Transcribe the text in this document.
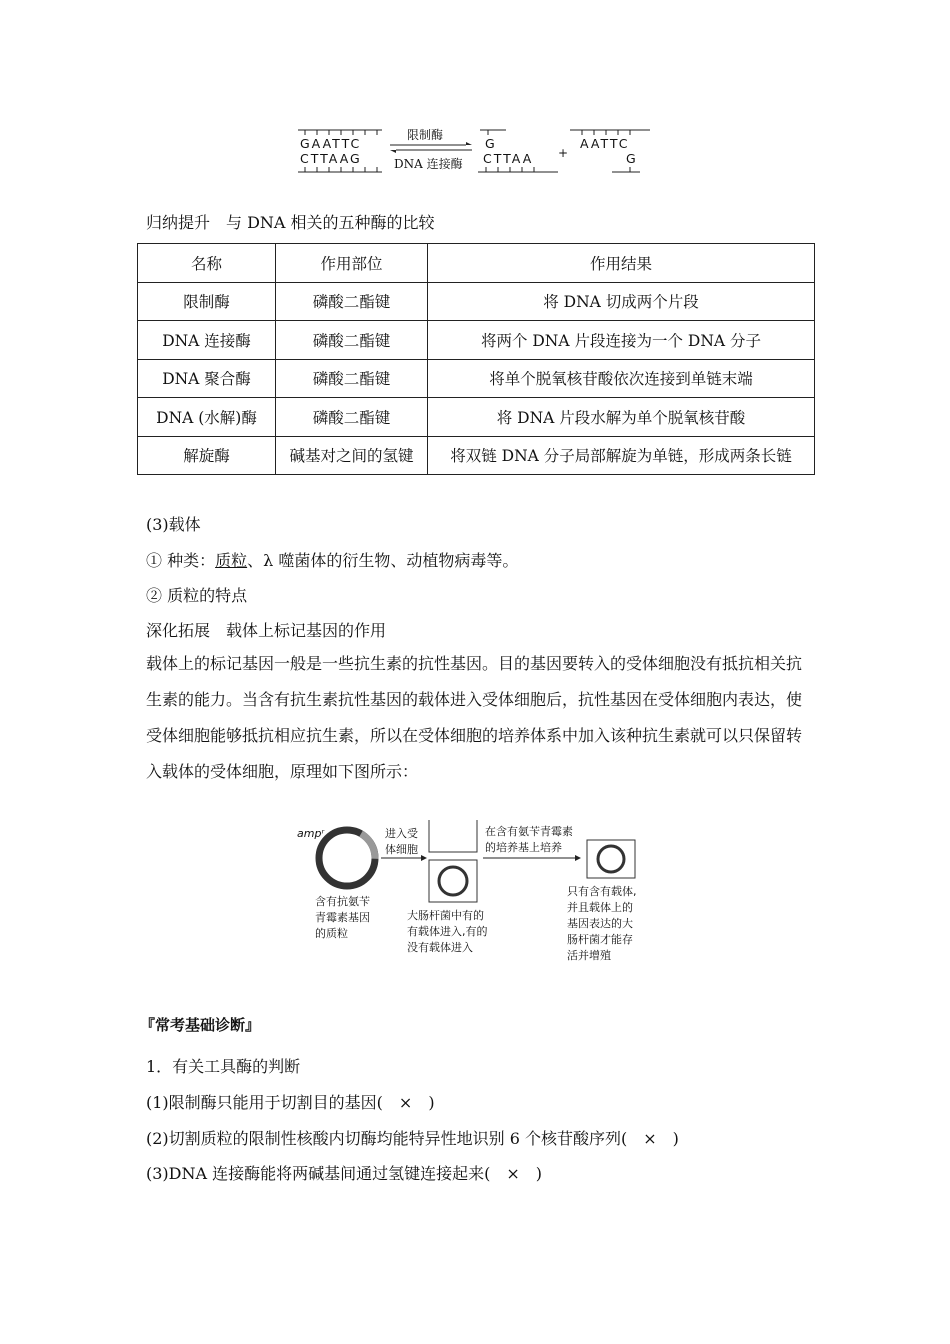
GAATTC
CTTAAG
限制酶
DNA 连接酶
G
CTTAA +
AATTC
G
归纳提升　与 DNA 相关的五种酶的比较
名称	作用部位	作用结果
限制酶	磷酸二酯键	将 DNA 切成两个片段
DNA 连接酶	磷酸二酯键	将两个 DNA 片段连接为一个 DNA 分子
DNA 聚合酶	磷酸二酯键	将单个脱氧核苷酸依次连接到单链末端
DNA (水解)酶	磷酸二酯键	将 DNA 片段水解为单个脱氧核苷酸
解旋酶	碱基对之间的氢键	将双链 DNA 分子局部解旋为单链，形成两条长链
(3)载体
① 种类：质粒、λ 噬菌体的衍生物、动植物病毒等。
② 质粒的特点
深化拓展　载体上标记基因的作用
载体上的标记基因一般是一些抗生素的抗性基因。目的基因要转入的受体细胞没有抵抗相关抗生素的能力。当含有抗生素抗性基因的载体进入受体细胞后，抗性基因在受体细胞内表达，使受体细胞能够抵抗相应抗生素，所以在受体细胞的培养体系中加入该种抗生素就可以只保留转入载体的受体细胞，原理如下图所示：
ampʳ
含有抗氨苄
青霉素基因
的质粒
进入受
体细胞
大肠杆菌中有的
有载体进入,有的
没有载体进入
在含有氨苄青霉素
的培养基上培养
只有含有载体,
并且载体上的
基因表达的大
肠杆菌才能存
活并增殖
『常考基础诊断』
1．有关工具酶的判断
(1)限制酶只能用于切割目的基因(　×　)
(2)切割质粒的限制性核酸内切酶均能特异性地识别 6 个核苷酸序列(　×　)
(3)DNA 连接酶能将两碱基间通过氢键连接起来(　×　)
